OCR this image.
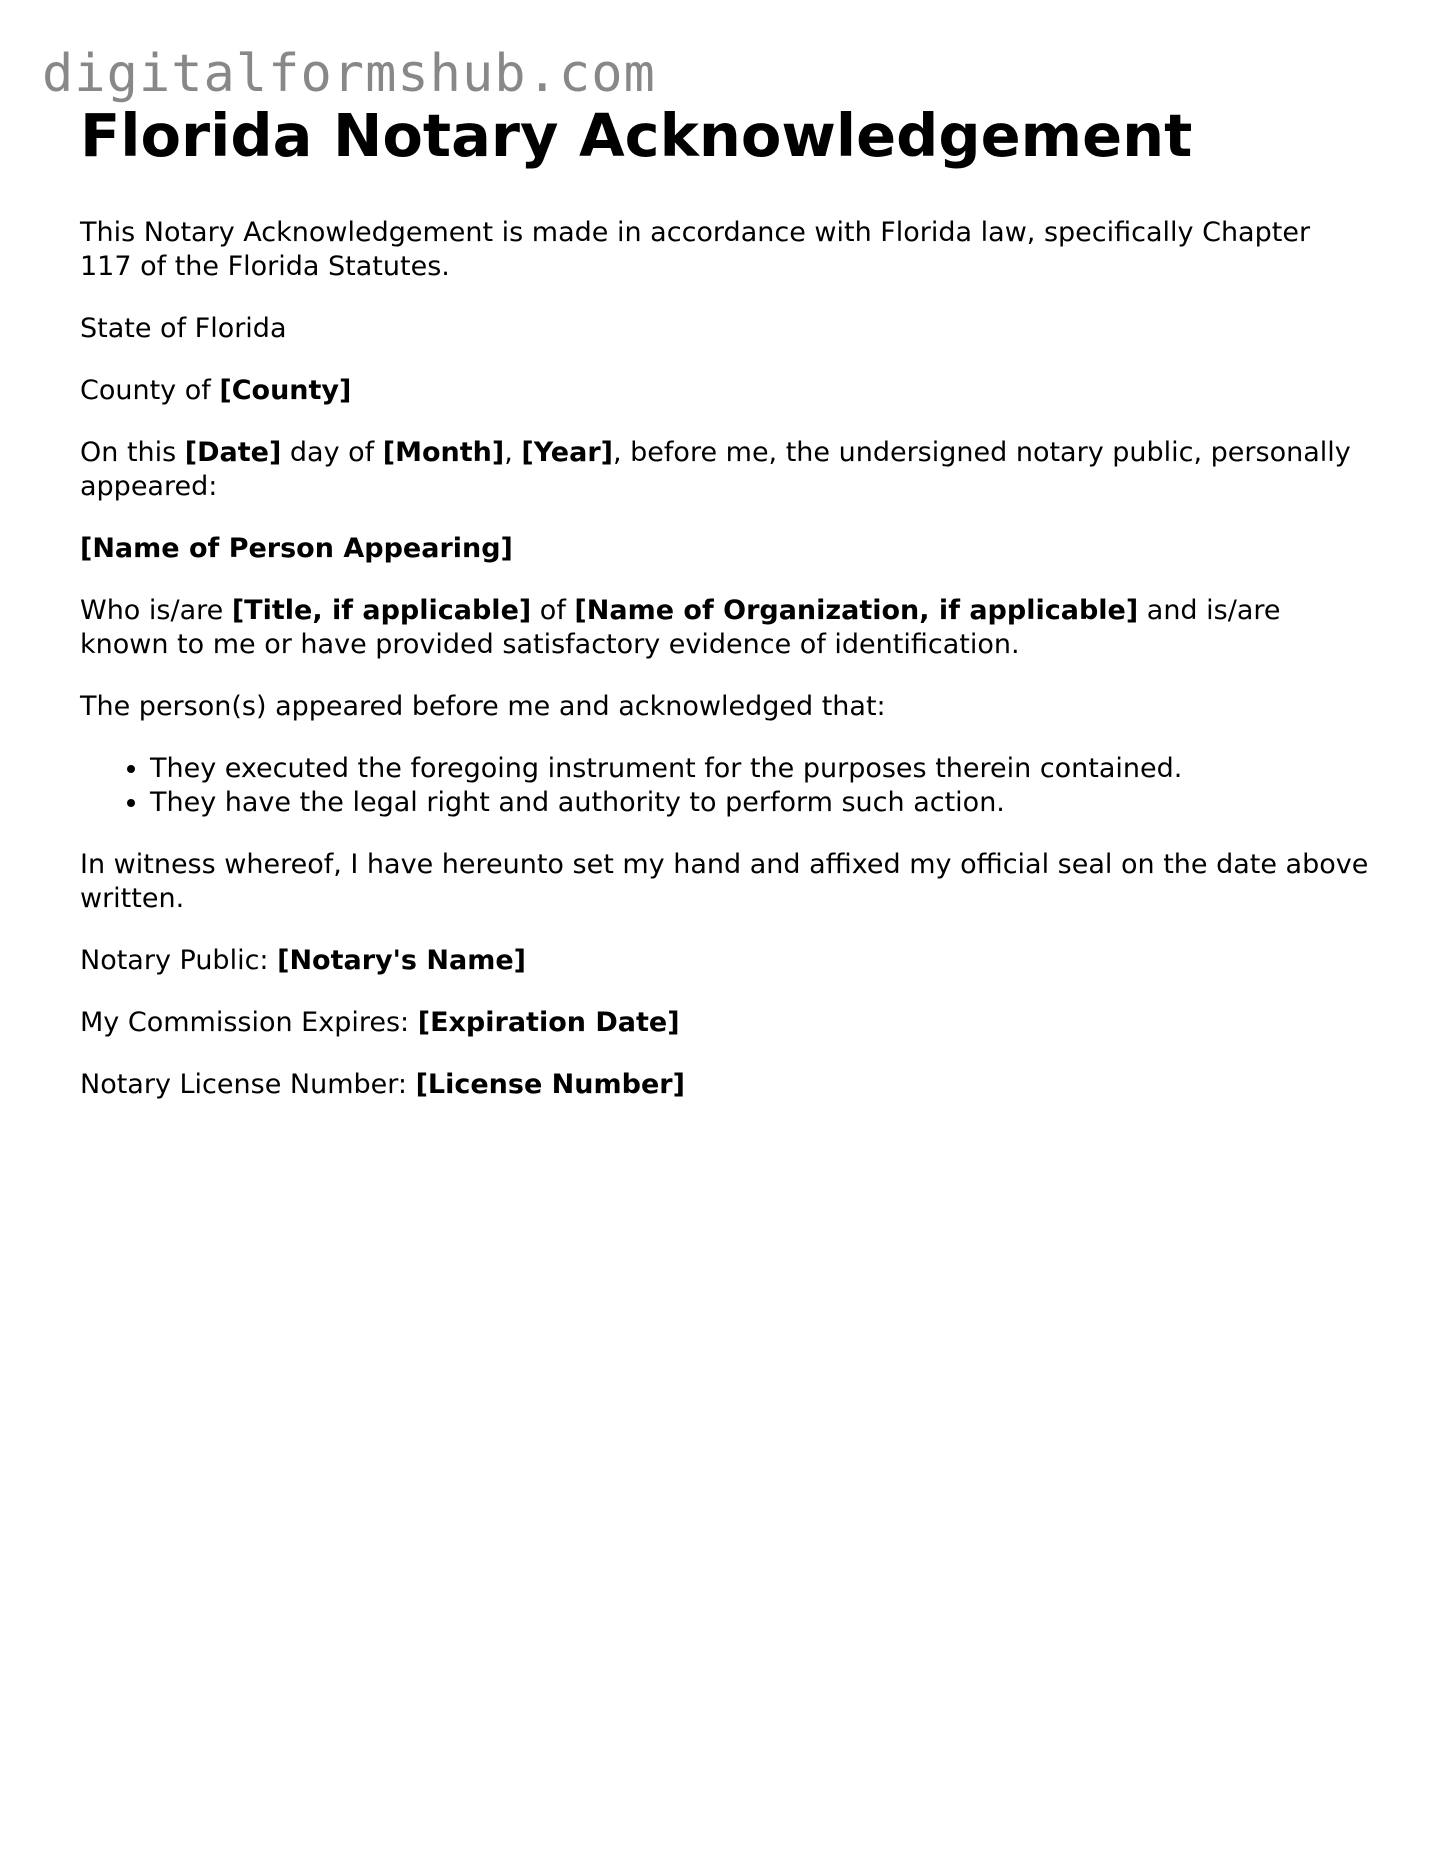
digitalformshub.com
Florida Notary Acknowledgement

This Notary Acknowledgement is made in accordance with Florida law, specifically Chapter 117 of the Florida Statutes.

State of Florida

County of [County]

On this [Date] day of [Month], [Year], before me, the undersigned notary public, personally appeared:

[Name of Person Appearing]

Who is/are [Title, if applicable] of [Name of Organization, if applicable] and is/are known to me or have provided satisfactory evidence of identification.

The person(s) appeared before me and acknowledged that:

• They executed the foregoing instrument for the purposes therein contained.
• They have the legal right and authority to perform such action.

In witness whereof, I have hereunto set my hand and affixed my official seal on the date above written.

Notary Public: [Notary's Name]

My Commission Expires: [Expiration Date]

Notary License Number: [License Number]
